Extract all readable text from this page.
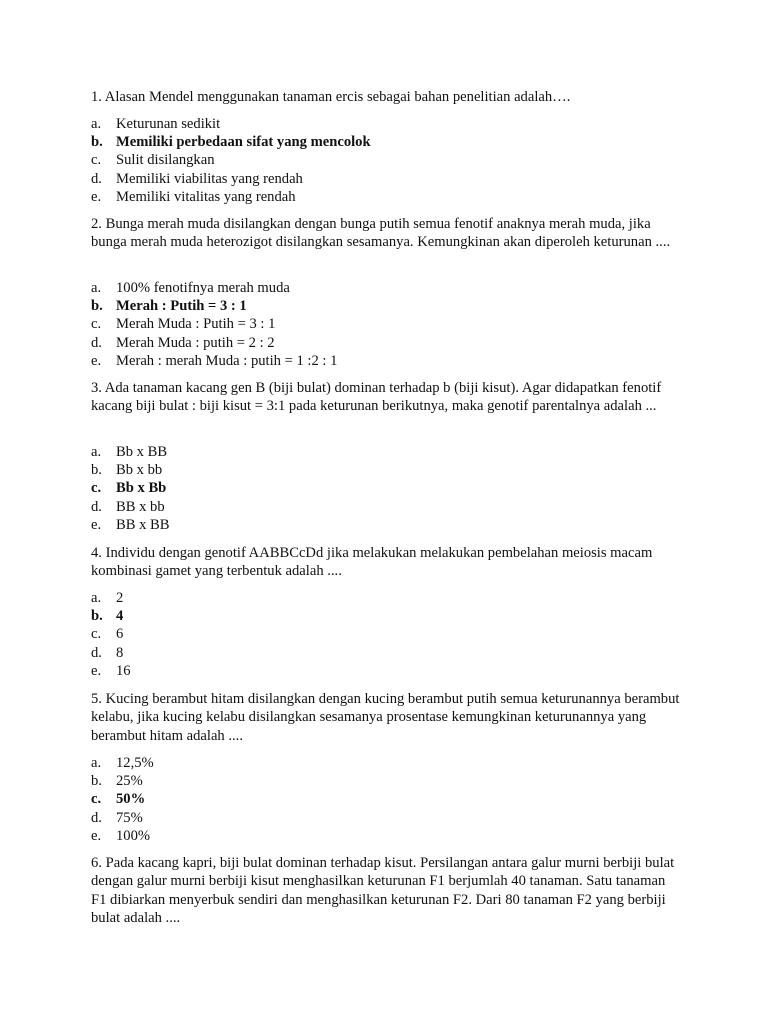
1. Alasan Mendel menggunakan tanaman ercis sebagai bahan penelitian adalah….
a. Keturunan sedikit
b. Memiliki perbedaan sifat yang mencolok
c. Sulit disilangkan
d. Memiliki viabilitas yang rendah
e. Memiliki vitalitas yang rendah
2. Bunga merah muda disilangkan dengan bunga putih semua fenotif anaknya merah muda, jika bunga merah muda heterozigot disilangkan sesamanya. Kemungkinan akan diperoleh keturunan ....
a. 100% fenotifnya merah muda
b. Merah : Putih = 3 : 1
c. Merah Muda : Putih = 3 : 1
d. Merah Muda : putih = 2 : 2
e. Merah : merah Muda : putih = 1 :2 : 1
3. Ada tanaman kacang gen B (biji bulat) dominan terhadap b (biji kisut). Agar didapatkan fenotif kacang biji bulat : biji kisut = 3:1 pada keturunan berikutnya, maka genotif parentalnya adalah ...
a. Bb x BB
b. Bb x bb
c. Bb x Bb
d. BB x bb
e. BB x BB
4. Individu dengan genotif AABBCcDd jika melakukan melakukan pembelahan meiosis macam kombinasi gamet yang terbentuk adalah ....
a. 2
b. 4
c. 6
d. 8
e. 16
5. Kucing berambut hitam disilangkan dengan kucing berambut putih semua keturunannya berambut kelabu, jika kucing kelabu disilangkan sesamanya prosentase kemungkinan keturunannya yang berambut hitam adalah ....
a. 12,5%
b. 25%
c. 50%
d. 75%
e. 100%
6. Pada kacang kapri, biji bulat dominan terhadap kisut. Persilangan antara galur murni berbiji bulat dengan galur murni berbiji kisut menghasilkan keturunan F1 berjumlah 40 tanaman. Satu tanaman F1 dibiarkan menyerbuk sendiri dan menghasilkan keturunan F2. Dari 80 tanaman F2 yang berbiji bulat adalah ....
